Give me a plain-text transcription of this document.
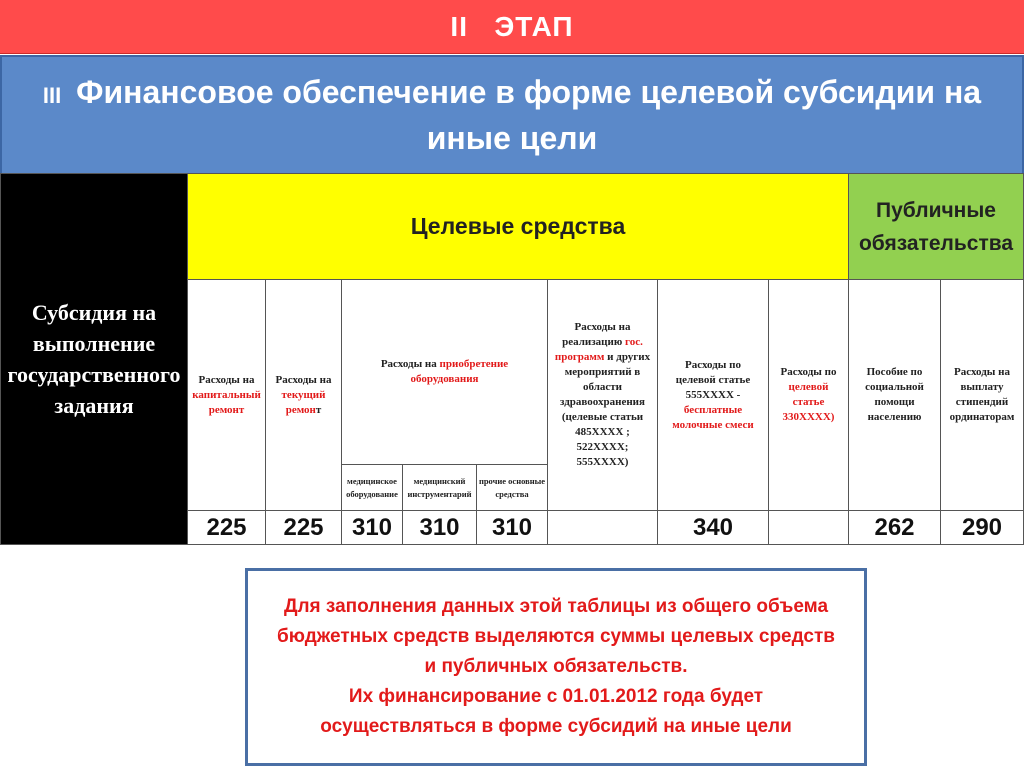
II   ЭТАП
III Финансовое обеспечение в форме целевой субсидии на иные цели
Субсидия на выполнение государственного задания
Целевые средства
Публичные обязательства
Расходы на капитальный ремонт
Расходы на текущий ремонт
Расходы на приобретение оборудования
Расходы на реализацию гос. программ и других мероприятий в области здравоохранения (целевые статьи 485XXXX ; 522XXXX; 555XXXX)
Расходы по целевой статье 555XXXX - бесплатные молочные смеси
Расходы по целевой статье 330XXXX)
Пособие по социальной помощи населению
Расходы на выплату стипендий ординаторам
медицинское оборудование
медицинский инструментарий
прочие основные средства
225 225 310 310 310	340	262 290
Для заполнения данных этой таблицы из общего объема бюджетных средств выделяются суммы целевых средств и публичных обязательств.
Их финансирование с 01.01.2012 года будет осуществляться в форме субсидий на иные цели
